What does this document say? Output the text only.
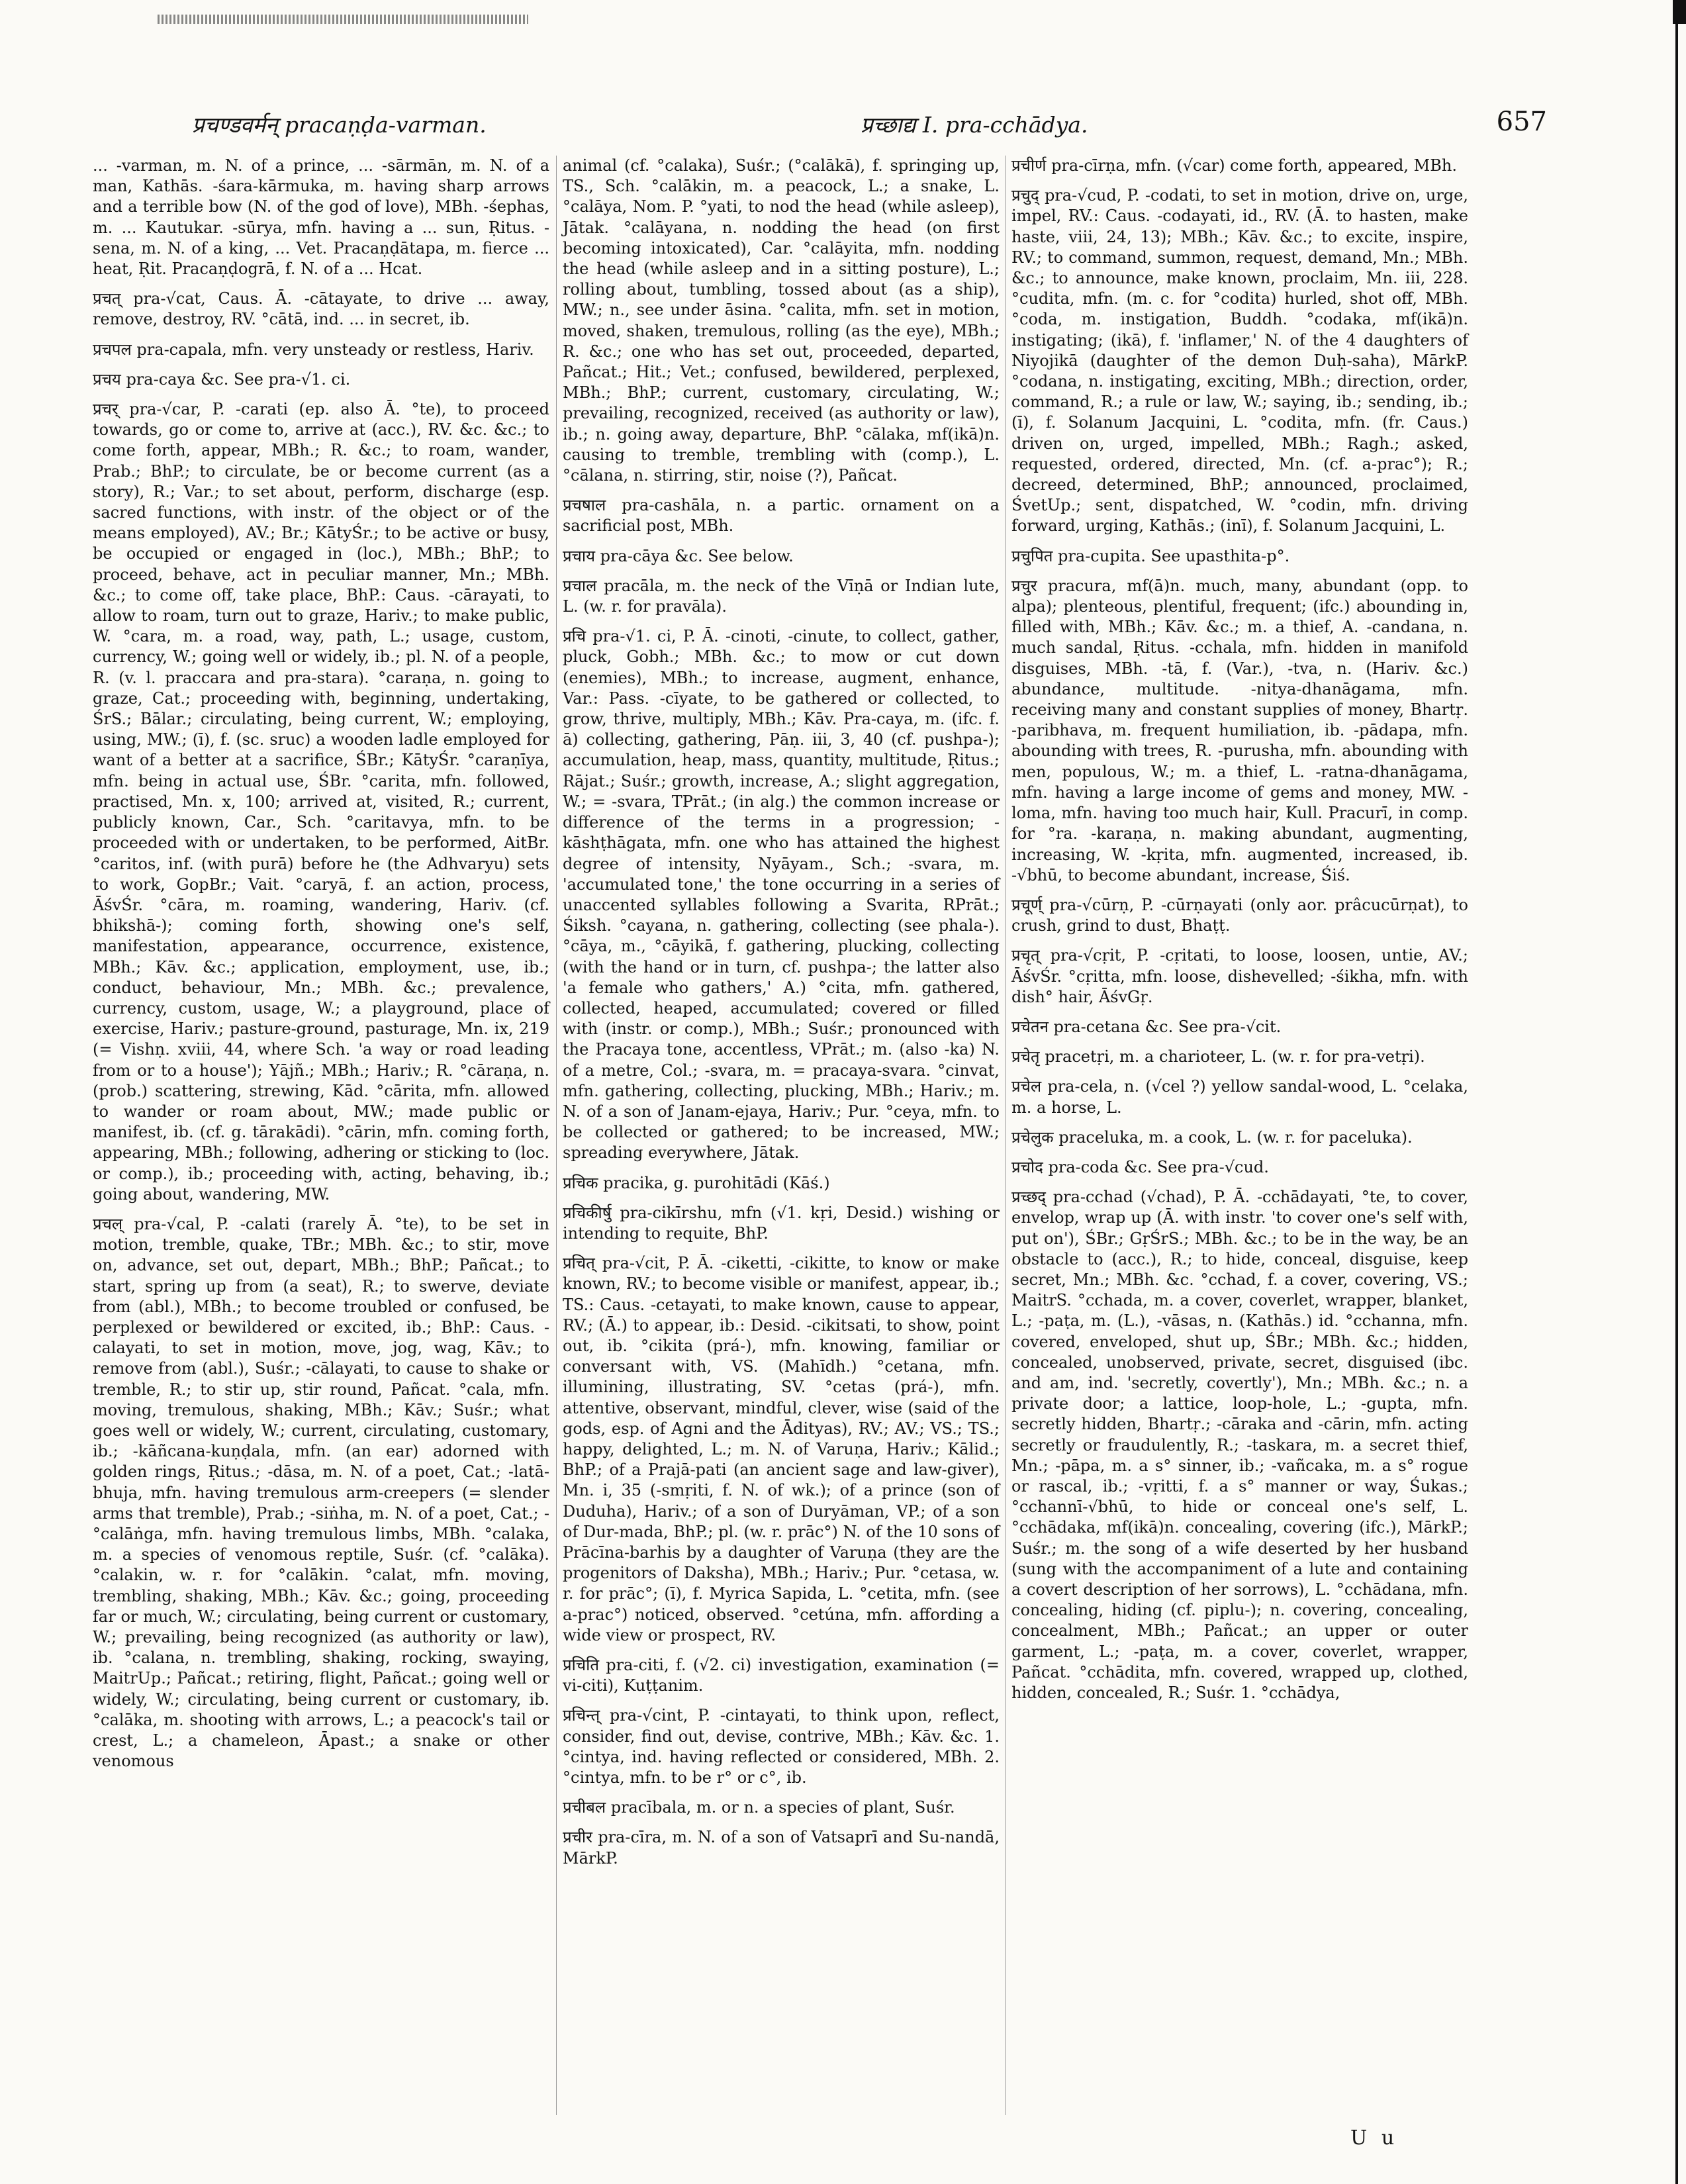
प्रचण्डवर्मन् pracaṇḍa-varman.	प्रच्छाद्य I. pra-cchādya.	657

... -varman, m. N. of a prince, ... -sārmān, m. N. of a man, Kathās. -śara-kārmuka, m. having sharp arrows and a terrible bow (N. of the god of love), MBh. -śephas, m. ... Kautukar. -sūrya, mfn. having a ... sun, Ṛitus. -sena, m. N. of a king, ... Vet. Pracaṇḍātapa, m. fierce ... heat, Ṛit. Pracaṇḍogrā, f. N. of a ... Hcat.

प्रचत् pra-√cat, Caus. Ā. -cātayate, to drive ... away, remove, destroy, RV. °cātā, ind. ... in secret, ib.

प्रचपल pra-capala, mfn. very unsteady or restless, Hariv.

प्रचय pra-caya &c. See pra-√1. ci.

प्रचर् pra-√car, P. -carati (ep. also Ā. °te), to proceed towards, go or come to, arrive at (acc.), RV. &c. &c.; to come forth, appear, MBh.; R. &c.; to roam, wander, Prab.; BhP.; to circulate, be or become current (as a story), R.; Var.; to set about, perform, discharge (esp. sacred functions, with instr. of the object or of the means employed), AV.; Br.; KātyŚr.; to be active or busy, be occupied or engaged in (loc.), MBh.; BhP.; to proceed, behave, act in peculiar manner, Mn.; MBh. &c.; to come off, take place, BhP.: Caus. -cārayati, to allow to roam, turn out to graze, Hariv.; to make public, W. °cara, m. a road, way, path, L.; usage, custom, currency, W.; going well or widely, ib.; pl. N. of a people, R. (v. l. praccara and pra-stara). °caraṇa, n. going to graze, Cat.; proceeding with, beginning, undertaking, ŚrS.; Bālar.; circulating, being current, W.; employing, using, MW.; (ī), f. (sc. sruc) a wooden ladle employed for want of a better at a sacrifice, ŚBr.; KātyŚr. °caraṇīya, mfn. being in actual use, ŚBr. °carita, mfn. followed, practised, Mn. x, 100; arrived at, visited, R.; current, publicly known, Car., Sch. °caritavya, mfn. to be proceeded with or undertaken, to be performed, AitBr. °caritos, inf. (with purā) before he (the Adhvaryu) sets to work, GopBr.; Vait. °caryā, f. an action, process, ĀśvŚr. °cāra, m. roaming, wandering, Hariv. (cf. bhikshā-); coming forth, showing one's self, manifestation, appearance, occurrence, existence, MBh.; Kāv. &c.; application, employment, use, ib.; conduct, behaviour, Mn.; MBh. &c.; prevalence, currency, custom, usage, W.; a playground, place of exercise, Hariv.; pasture-ground, pasturage, Mn. ix, 219 (= Vishṇ. xviii, 44, where Sch. 'a way or road leading from or to a house'); Yājñ.; MBh.; Hariv.; R. °cāraṇa, n. (prob.) scattering, strewing, Kād. °cārita, mfn. allowed to wander or roam about, MW.; made public or manifest, ib. (cf. g. tārakādi). °cārin, mfn. coming forth, appearing, MBh.; following, adhering or sticking to (loc. or comp.), ib.; proceeding with, acting, behaving, ib.; going about, wandering, MW.

प्रचल् pra-√cal, P. -calati (rarely Ā. °te), to be set in motion, tremble, quake, TBr.; MBh. &c.; to stir, move on, advance, set out, depart, MBh.; BhP.; Pañcat.; to start, spring up from (a seat), R.; to swerve, deviate from (abl.), MBh.; to become troubled or confused, be perplexed or bewildered or excited, ib.; BhP.: Caus. -calayati, to set in motion, move, jog, wag, Kāv.; to remove from (abl.), Suśr.; -cālayati, to cause to shake or tremble, R.; to stir up, stir round, Pañcat. °cala, mfn. moving, tremulous, shaking, MBh.; Kāv.; Suśr.; what goes well or widely, W.; current, circulating, customary, ib.; -kāñcana-kuṇḍala, mfn. (an ear) adorned with golden rings, Ṛitus.; -dāsa, m. N. of a poet, Cat.; -latā-bhuja, mfn. having tremulous arm-creepers (= slender arms that tremble), Prab.; -siṅha, m. N. of a poet, Cat.; -°calāṅga, mfn. having tremulous limbs, MBh. °calaka, m. a species of venomous reptile, Suśr. (cf. °calāka). °calakin, w. r. for °calākin. °calat, mfn. moving, trembling, shaking, MBh.; Kāv. &c.; going, proceeding far or much, W.; circulating, being current or customary, W.; prevailing, being recognized (as authority or law), ib. °calana, n. trembling, shaking, rocking, swaying, MaitrUp.; Pañcat.; retiring, flight, Pañcat.; going well or widely, W.; circulating, being current or customary, ib. °calāka, m. shooting with arrows, L.; a peacock's tail or crest, L.; a chameleon, Āpast.; a snake or other venomous

animal (cf. °calaka), Suśr.; (°calākā), f. springing up, TS., Sch. °calākin, m. a peacock, L.; a snake, L. °calāya, Nom. P. °yati, to nod the head (while asleep), Jātak. °calāyana, n. nodding the head (on first becoming intoxicated), Car. °calāyita, mfn. nodding the head (while asleep and in a sitting posture), L.; rolling about, tumbling, tossed about (as a ship), MW.; n., see under āsina. °calita, mfn. set in motion, moved, shaken, tremulous, rolling (as the eye), MBh.; R. &c.; one who has set out, proceeded, departed, Pañcat.; Hit.; Vet.; confused, bewildered, perplexed, MBh.; BhP.; current, customary, circulating, W.; prevailing, recognized, received (as authority or law), ib.; n. going away, departure, BhP. °cālaka, mf(ikā)n. causing to tremble, trembling with (comp.), L. °cālana, n. stirring, stir, noise (?), Pañcat.

प्रचषाल pra-cashāla, n. a partic. ornament on a sacrificial post, MBh.

प्रचाय pra-cāya &c. See below.

प्रचाल pracāla, m. the neck of the Vīṇā or Indian lute, L. (w. r. for pravāla).

प्रचि pra-√1. ci, P. Ā. -cinoti, -cinute, to collect, gather, pluck, Gobh.; MBh. &c.; to mow or cut down (enemies), MBh.; to increase, augment, enhance, Var.: Pass. -cīyate, to be gathered or collected, to grow, thrive, multiply, MBh.; Kāv. Pra-caya, m. (ifc. f. ā) collecting, gathering, Pāṇ. iii, 3, 40 (cf. pushpa-); accumulation, heap, mass, quantity, multitude, Ṛitus.; Rājat.; Suśr.; growth, increase, A.; slight aggregation, W.; = -svara, TPrāt.; (in alg.) the common increase or difference of the terms in a progression; -kāshṭhāgata, mfn. one who has attained the highest degree of intensity, Nyāyam., Sch.; -svara, m. 'accumulated tone,' the tone occurring in a series of unaccented syllables following a Svarita, RPrāt.; Śiksh. °cayana, n. gathering, collecting (see phala-). °cāya, m., °cāyikā, f. gathering, plucking, collecting (with the hand or in turn, cf. pushpa-; the latter also 'a female who gathers,' A.) °cita, mfn. gathered, collected, heaped, accumulated; covered or filled with (instr. or comp.), MBh.; Suśr.; pronounced with the Pracaya tone, accentless, VPrāt.; m. (also -ka) N. of a metre, Col.; -svara, m. = pracaya-svara. °cinvat, mfn. gathering, collecting, plucking, MBh.; Hariv.; m. N. of a son of Janam-ejaya, Hariv.; Pur. °ceya, mfn. to be collected or gathered; to be increased, MW.; spreading everywhere, Jātak.

प्रचिक pracika, g. purohitādi (Kāś.)

प्रचिकीर्षु pra-cikīrshu, mfn (√1. kṛi, Desid.) wishing or intending to requite, BhP.

प्रचित् pra-√cit, P. Ā. -ciketti, -cikitte, to know or make known, RV.; to become visible or manifest, appear, ib.; TS.: Caus. -cetayati, to make known, cause to appear, RV.; (Ā.) to appear, ib.: Desid. -cikitsati, to show, point out, ib. °cikita (prá-), mfn. knowing, familiar or conversant with, VS. (Mahīdh.) °cetana, mfn. illumining, illustrating, SV. °cetas (prá-), mfn. attentive, observant, mindful, clever, wise (said of the gods, esp. of Agni and the Ādityas), RV.; AV.; VS.; TS.; happy, delighted, L.; m. N. of Varuṇa, Hariv.; Kālid.; BhP.; of a Prajā-pati (an ancient sage and law-giver), Mn. i, 35 (-smṛiti, f. N. of wk.); of a prince (son of Duduha), Hariv.; of a son of Duryāman, VP.; of a son of Dur-mada, BhP.; pl. (w. r. prāc°) N. of the 10 sons of Prācīna-barhis by a daughter of Varuṇa (they are the progenitors of Daksha), MBh.; Hariv.; Pur. °cetasa, w. r. for prāc°; (ī), f. Myrica Sapida, L. °cetita, mfn. (see a-prac°) noticed, observed. °cetúna, mfn. affording a wide view or prospect, RV.

प्रचिति pra-citi, f. (√2. ci) investigation, examination (= vi-citi), Kuṭṭanim.

प्रचिन्त् pra-√cint, P. -cintayati, to think upon, reflect, consider, find out, devise, contrive, MBh.; Kāv. &c. 1. °cintya, ind. having reflected or considered, MBh. 2. °cintya, mfn. to be r° or c°, ib.

प्रचीबल pracībala, m. or n. a species of plant, Suśr.

प्रचीर pra-cīra, m. N. of a son of Vatsaprī and Su-nandā, MārkP.

प्रचीर्ण pra-cīrṇa, mfn. (√car) come forth, appeared, MBh.

प्रचुद् pra-√cud, P. -codati, to set in motion, drive on, urge, impel, RV.: Caus. -codayati, id., RV. (Ā. to hasten, make haste, viii, 24, 13); MBh.; Kāv. &c.; to excite, inspire, RV.; to command, summon, request, demand, Mn.; MBh. &c.; to announce, make known, proclaim, Mn. iii, 228. °cudita, mfn. (m. c. for °codita) hurled, shot off, MBh. °coda, m. instigation, Buddh. °codaka, mf(ikā)n. instigating; (ikā), f. 'inflamer,' N. of the 4 daughters of Niyojikā (daughter of the demon Duḥ-saha), MārkP. °codana, n. instigating, exciting, MBh.; direction, order, command, R.; a rule or law, W.; saying, ib.; sending, ib.; (ī), f. Solanum Jacquini, L. °codita, mfn. (fr. Caus.) driven on, urged, impelled, MBh.; Ragh.; asked, requested, ordered, directed, Mn. (cf. a-prac°); R.; decreed, determined, BhP.; announced, proclaimed, ŚvetUp.; sent, dispatched, W. °codin, mfn. driving forward, urging, Kathās.; (inī), f. Solanum Jacquini, L.

प्रचुपित pra-cupita. See upasthita-p°.

प्रचुर pracura, mf(ā)n. much, many, abundant (opp. to alpa); plenteous, plentiful, frequent; (ifc.) abounding in, filled with, MBh.; Kāv. &c.; m. a thief, A. -candana, n. much sandal, Ṛitus. -cchala, mfn. hidden in manifold disguises, MBh. -tā, f. (Var.), -tva, n. (Hariv. &c.) abundance, multitude. -nitya-dhanāgama, mfn. receiving many and constant supplies of money, Bhartṛ. -paribhava, m. frequent humiliation, ib. -pādapa, mfn. abounding with trees, R. -purusha, mfn. abounding with men, populous, W.; m. a thief, L. -ratna-dhanāgama, mfn. having a large income of gems and money, MW. -loma, mfn. having too much hair, Kull. Pracurī, in comp. for °ra. -karaṇa, n. making abundant, augmenting, increasing, W. -kṛita, mfn. augmented, increased, ib. -√bhū, to become abundant, increase, Śiś.

प्रचूर्ण् pra-√cūrṇ, P. -cūrṇayati (only aor. prâcucūrṇat), to crush, grind to dust, Bhaṭṭ.

प्रचृत् pra-√cṛit, P. -cṛitati, to loose, loosen, untie, AV.; ĀśvŚr. °cṛitta, mfn. loose, dishevelled; -śikha, mfn. with dish° hair, ĀśvGṛ.

प्रचेतन pra-cetana &c. See pra-√cit.

प्रचेतृ pracetṛi, m. a charioteer, L. (w. r. for pra-vetṛi).

प्रचेल pra-cela, n. (√cel ?) yellow sandal-wood, L. °celaka, m. a horse, L.

प्रचेलुक praceluka, m. a cook, L. (w. r. for paceluka).

प्रचोद pra-coda &c. See pra-√cud.

प्रच्छद् pra-cchad (√chad), P. Ā. -cchādayati, °te, to cover, envelop, wrap up (Ā. with instr. 'to cover one's self with, put on'), ŚBr.; GṛŚrS.; MBh. &c.; to be in the way, be an obstacle to (acc.), R.; to hide, conceal, disguise, keep secret, Mn.; MBh. &c. °cchad, f. a cover, covering, VS.; MaitrS. °cchada, m. a cover, coverlet, wrapper, blanket, L.; -paṭa, m. (L.), -vāsas, n. (Kathās.) id. °cchanna, mfn. covered, enveloped, shut up, ŚBr.; MBh. &c.; hidden, concealed, unobserved, private, secret, disguised (ibc. and am, ind. 'secretly, covertly'), Mn.; MBh. &c.; n. a private door; a lattice, loop-hole, L.; -gupta, mfn. secretly hidden, Bhartṛ.; -cāraka and -cārin, mfn. acting secretly or fraudulently, R.; -taskara, m. a secret thief, Mn.; -pāpa, m. a s° sinner, ib.; -vañcaka, m. a s° rogue or rascal, ib.; -vṛitti, f. a s° manner or way, Śukas.; °cchannī-√bhū, to hide or conceal one's self, L. °cchādaka, mf(ikā)n. concealing, covering (ifc.), MārkP.; Suśr.; m. the song of a wife deserted by her husband (sung with the accompaniment of a lute and containing a covert description of her sorrows), L. °cchādana, mfn. concealing, hiding (cf. piplu-); n. covering, concealing, concealment, MBh.; Pañcat.; an upper or outer garment, L.; -paṭa, m. a cover, coverlet, wrapper, Pañcat. °cchādita, mfn. covered, wrapped up, clothed, hidden, concealed, R.; Suśr. 1. °cchādya,

U u
